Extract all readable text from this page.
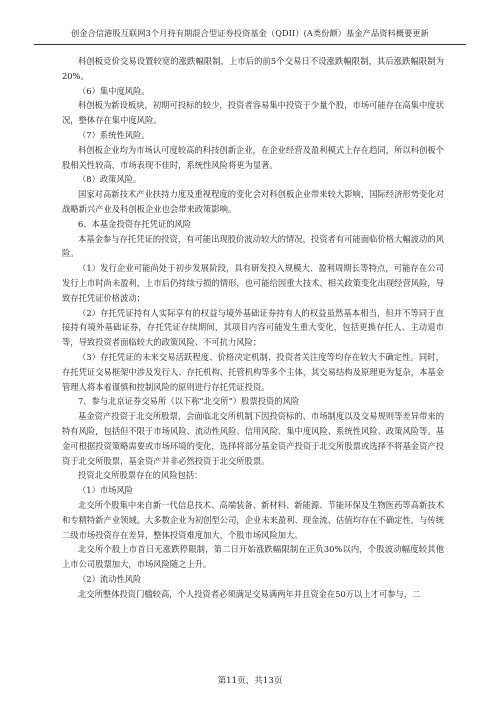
创金合信港股互联网3个月持有期混合型证券投资基金（QDII）(A类份额）基金产品资料概要更新

科创板竞价交易设置较宽的涨跌幅限制，上市后的前5个交易日不设涨跌幅限制，其后涨跌幅限制为20%。

（6）集中度风险。

科创板为新设板块，初期可投标的较少，投资者容易集中投资于少量个股，市场可能存在高集中度状况，整体存在集中度风险。

（7）系统性风险。

科创板企业均为市场认可度较高的科技创新企业，在企业经营及盈利模式上存在趋同，所以科创板个股相关性较高，市场表现不佳时，系统性风险将更为显著。

（8）政策风险。

国家对高新技术产业扶持力度及重视程度的变化会对科创板企业带来较大影响，国际经济形势变化对战略新兴产业及科创板企业也会带来政策影响。

6、本基金投资存托凭证的风险

本基金参与存托凭证的投资，有可能出现股价波动较大的情况，投资者有可能面临价格大幅波动的风险。

（1）发行企业可能尚处于初步发展阶段，具有研发投入规模大、盈利周期长等特点，可能存在公司发行上市时尚未盈利，上市后仍持续亏损的情形，也可能给因重大技术、相关政策变化出现经营风险，导致存托凭证价格波动；

（2）存托凭证持有人实际享有的权益与境外基础证券持有人的权益虽然基本相当，但并不等同于直接持有境外基础证券，存托凭证存续期间，其项目内容可能发生重大变化，包括更换存托人、主动退市等，导致投资者面临较大的政策风险、不可抗力风险；

（3）存托凭证的未来交易活跃程度、价格决定机制、投资者关注度等均存在较大不确定性。同时，存托凭证交易框架中涉及发行人、存托机构、托管机构等多个主体，其交易结构及原理更为复杂，本基金管理人将本着谨慎和控制风险的原则进行存托凭证投资。

7、参与北京证券交易所（以下称“北交所”）股票投资的风险

基金资产投资于北交所股票，会面临北交所机制下因投资标的、市场制度以及交易规则等差异带来的特有风险，包括但不限于市场风险、流动性风险、信用风险、集中度风险、系统性风险、政策风险等。基金可根据投资策略需要或市场环境的变化，选择将部分基金资产投资于北交所股票或选择不将基金资产投资于北交所股票，基金资产并非必然投资于北交所股票。

投资北交所股票存在的风险包括：

（1）市场风险

北交所个股集中来自新一代信息技术、高端装备、新材料、新能源、节能环保及生物医药等高新技术和专精特新产业领域。大多数企业为初创型公司，企业未来盈利、现金流、估值均存在不确定性，与传统二级市场投资存在差异，整体投资难度加大，个股市场风险加大。

北交所个股上市首日无涨跌停限制，第二日开始涨跌幅限制在正负30%以内，个股波动幅度较其他上市公司股票加大，市场风险随之上升。

（2）流动性风险

北交所整体投资门槛较高，个人投资者必须满足交易满两年并且资金在50万以上才可参与，二

第11页，共13页
